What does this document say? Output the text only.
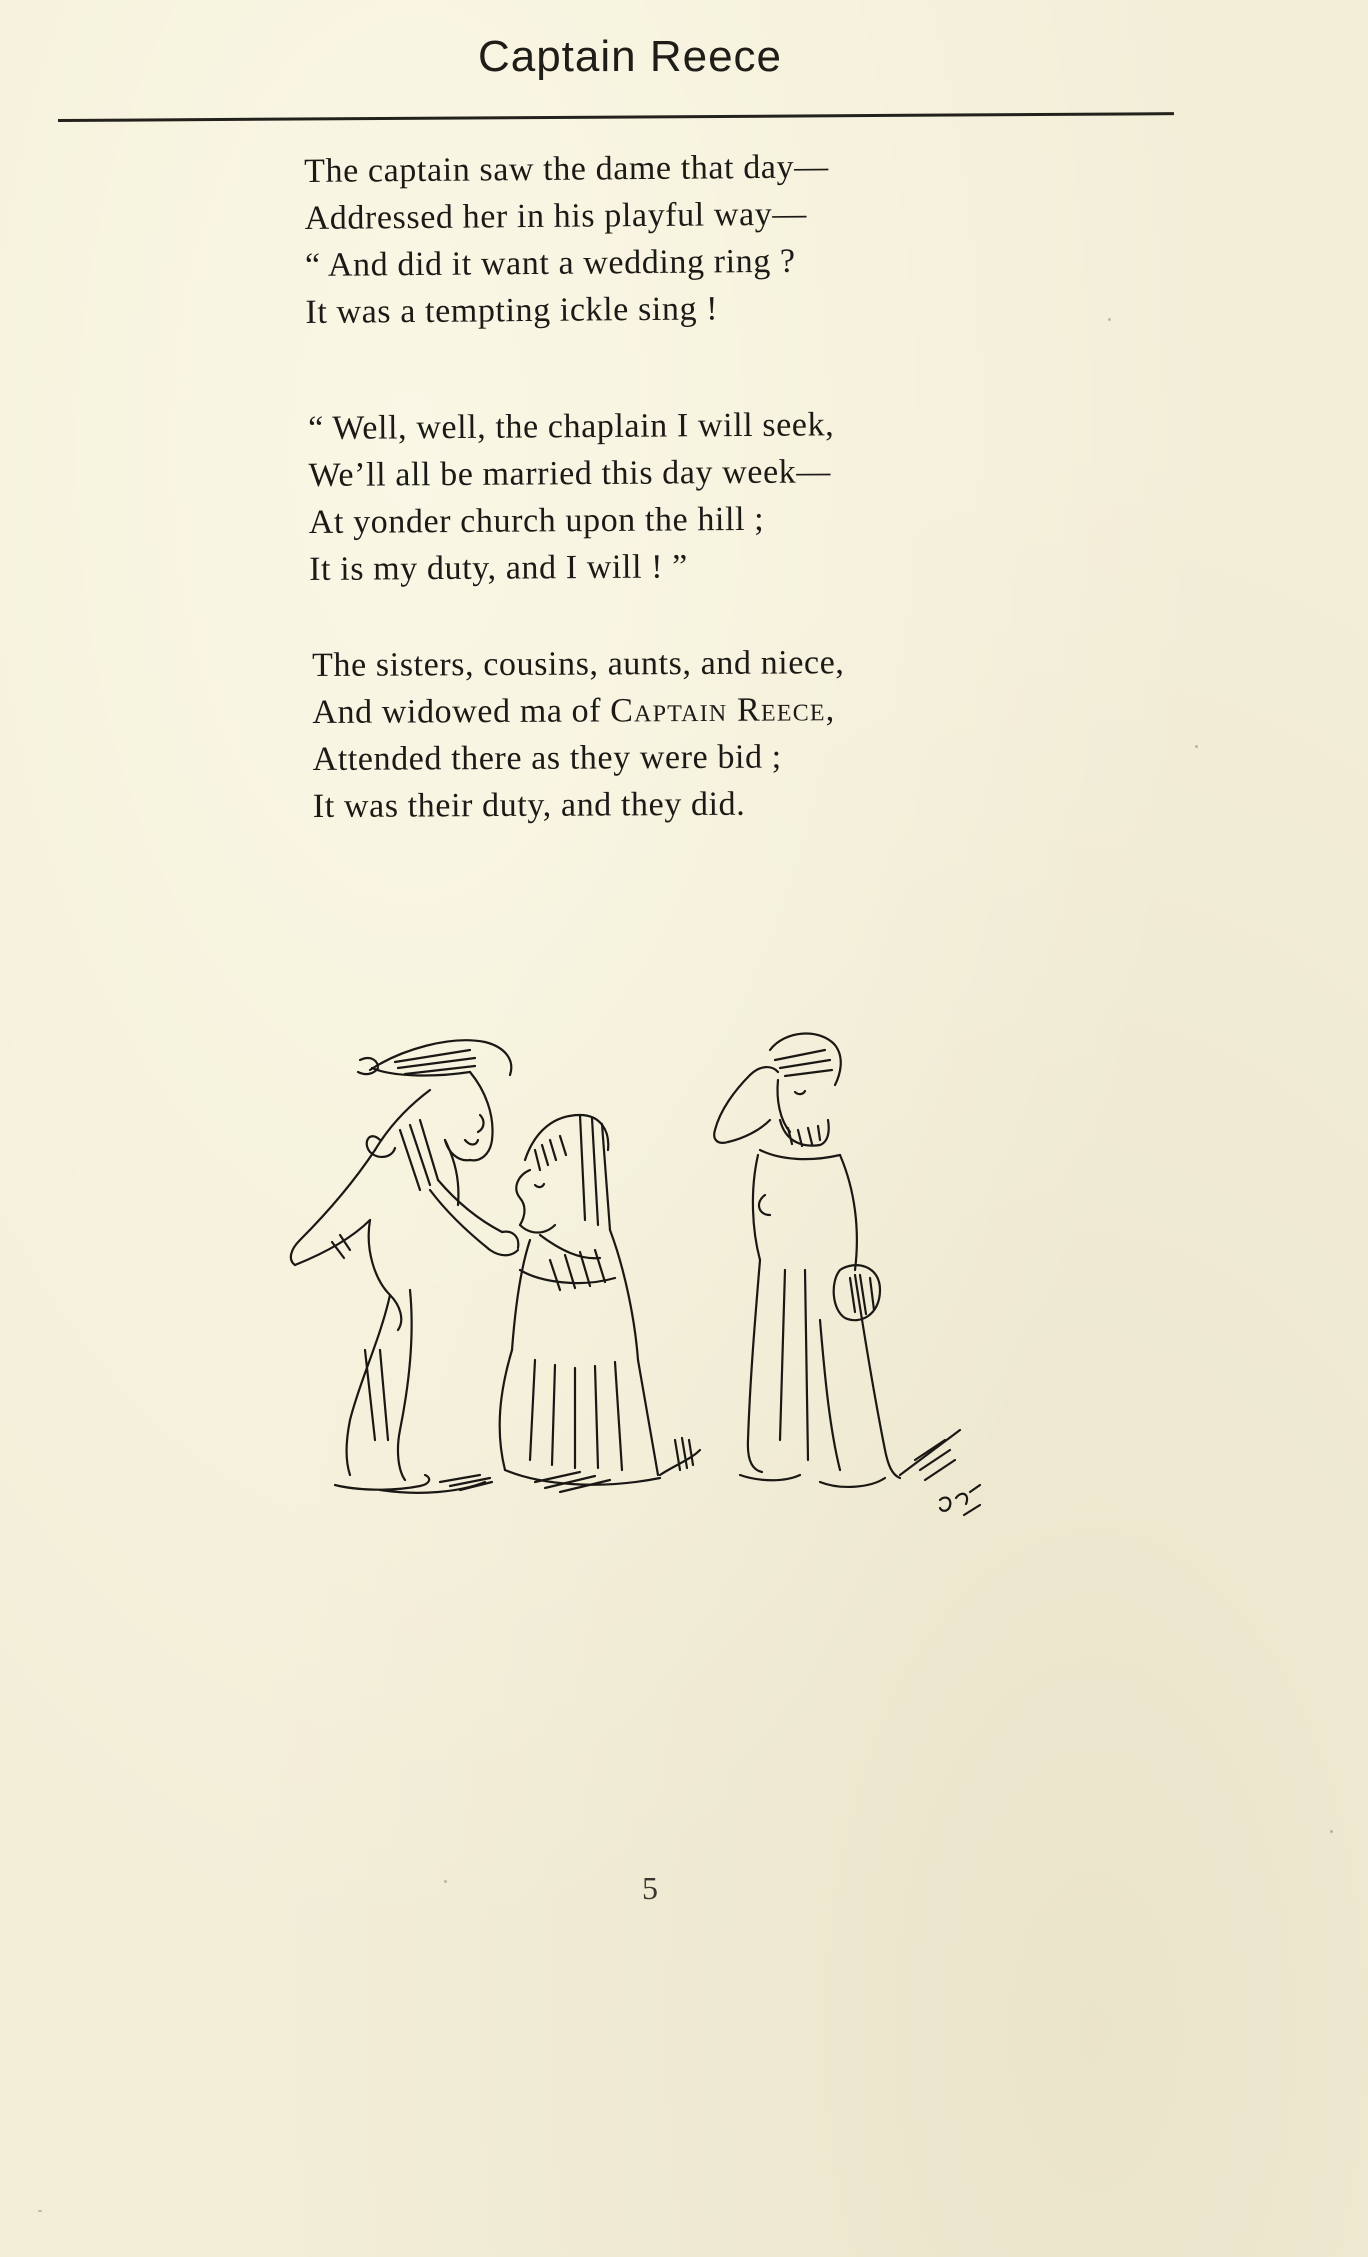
Captain Reece
The captain saw the dame that day—
Addressed her in his playful way—
“ And did it want a wedding ring ?
It was a tempting ickle sing !
“ Well, well, the chaplain I will seek,
We’ll all be married this day week—
At yonder church upon the hill ;
It is my duty, and I will ! ”
The sisters, cousins, aunts, and niece,
And widowed ma of Captain Reece,
Attended there as they were bid ;
It was their duty, and they did.
5
